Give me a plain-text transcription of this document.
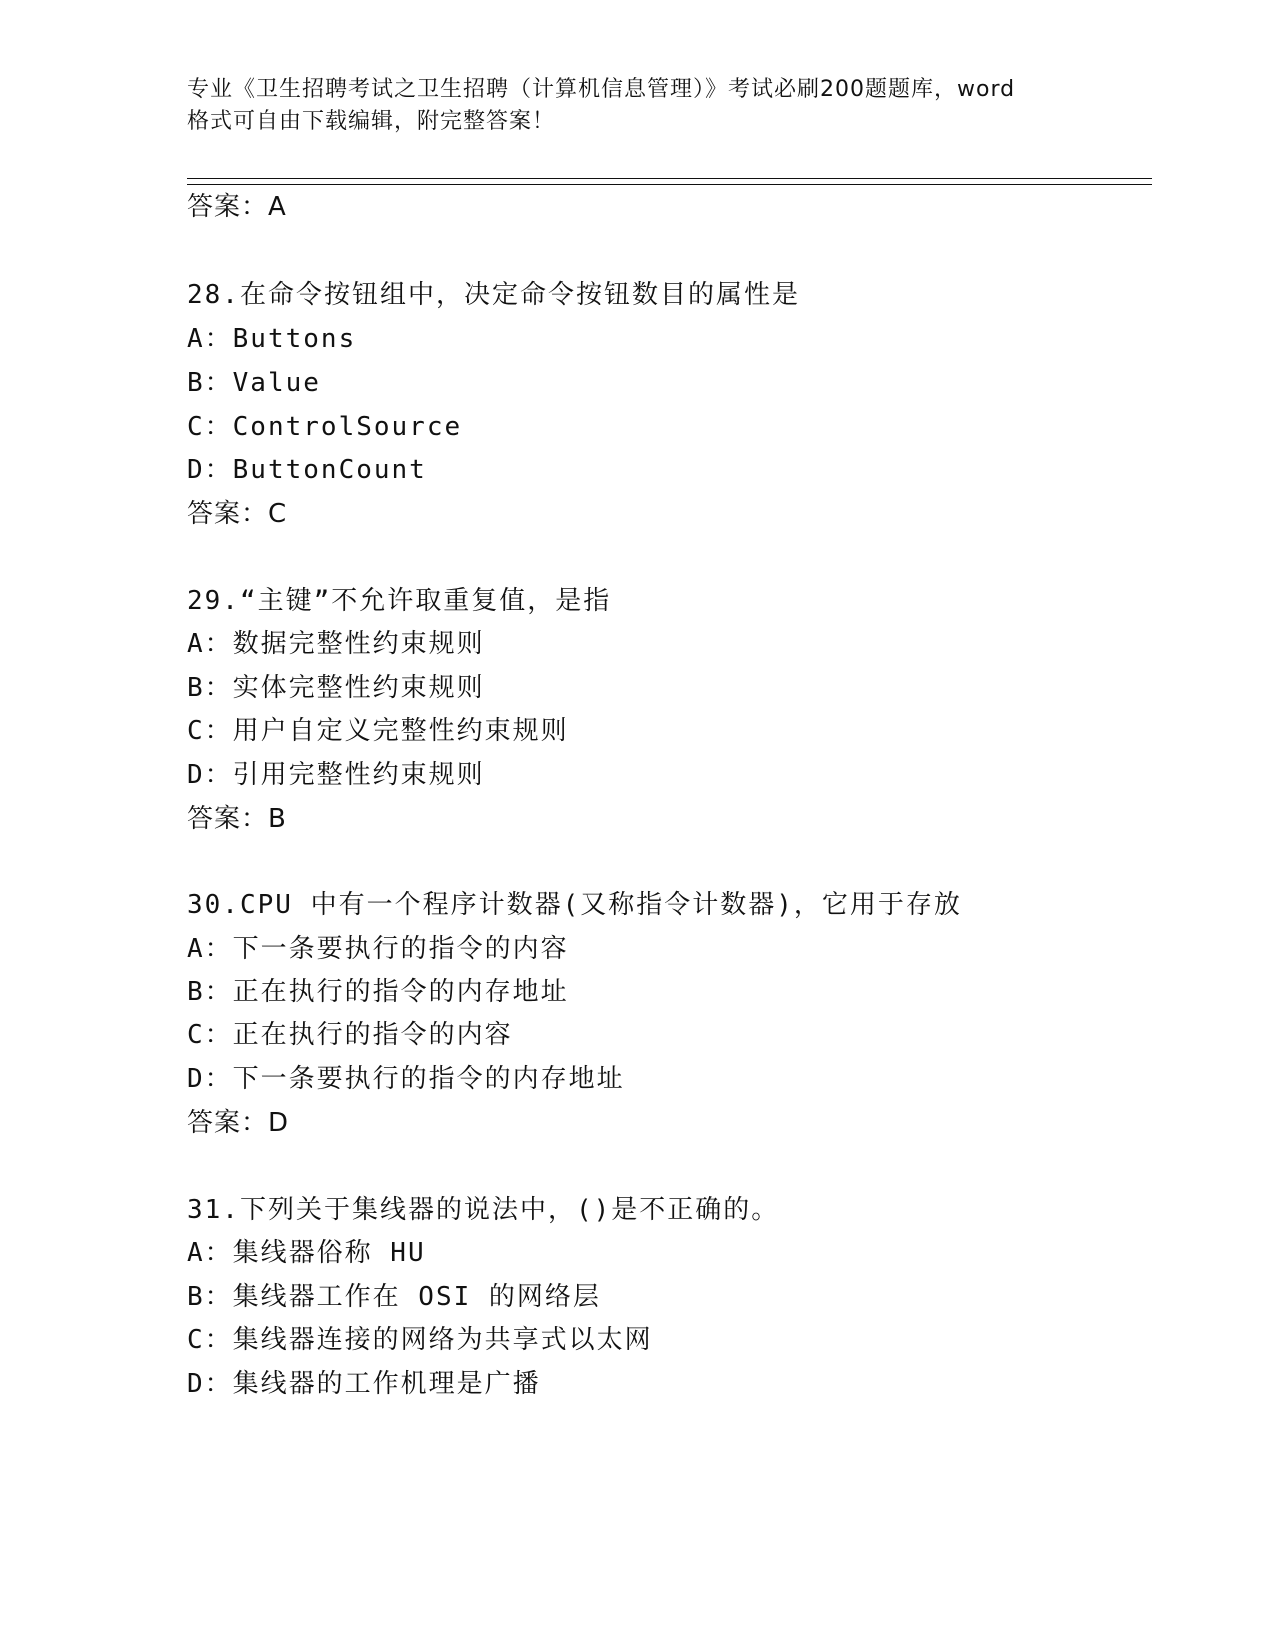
专业《卫生招聘考试之卫生招聘（计算机信息管理）》考试必刷200题题库，word
格式可自由下载编辑，附完整答案！
答案：A
28.在命令按钮组中，决定命令按钮数目的属性是
A：Buttons
B：Value
C：ControlSource
D：ButtonCount
答案：C
29.“主键”不允许取重复值，是指
A：数据完整性约束规则
B：实体完整性约束规则
C：用户自定义完整性约束规则
D：引用完整性约束规则
答案：B
30.CPU 中有一个程序计数器(又称指令计数器)，它用于存放
A：下一条要执行的指令的内容
B：正在执行的指令的内存地址
C：正在执行的指令的内容
D：下一条要执行的指令的内存地址
答案：D
31.下列关于集线器的说法中，()是不正确的。
A：集线器俗称 HU
B：集线器工作在 OSI 的网络层
C：集线器连接的网络为共享式以太网
D：集线器的工作机理是广播
